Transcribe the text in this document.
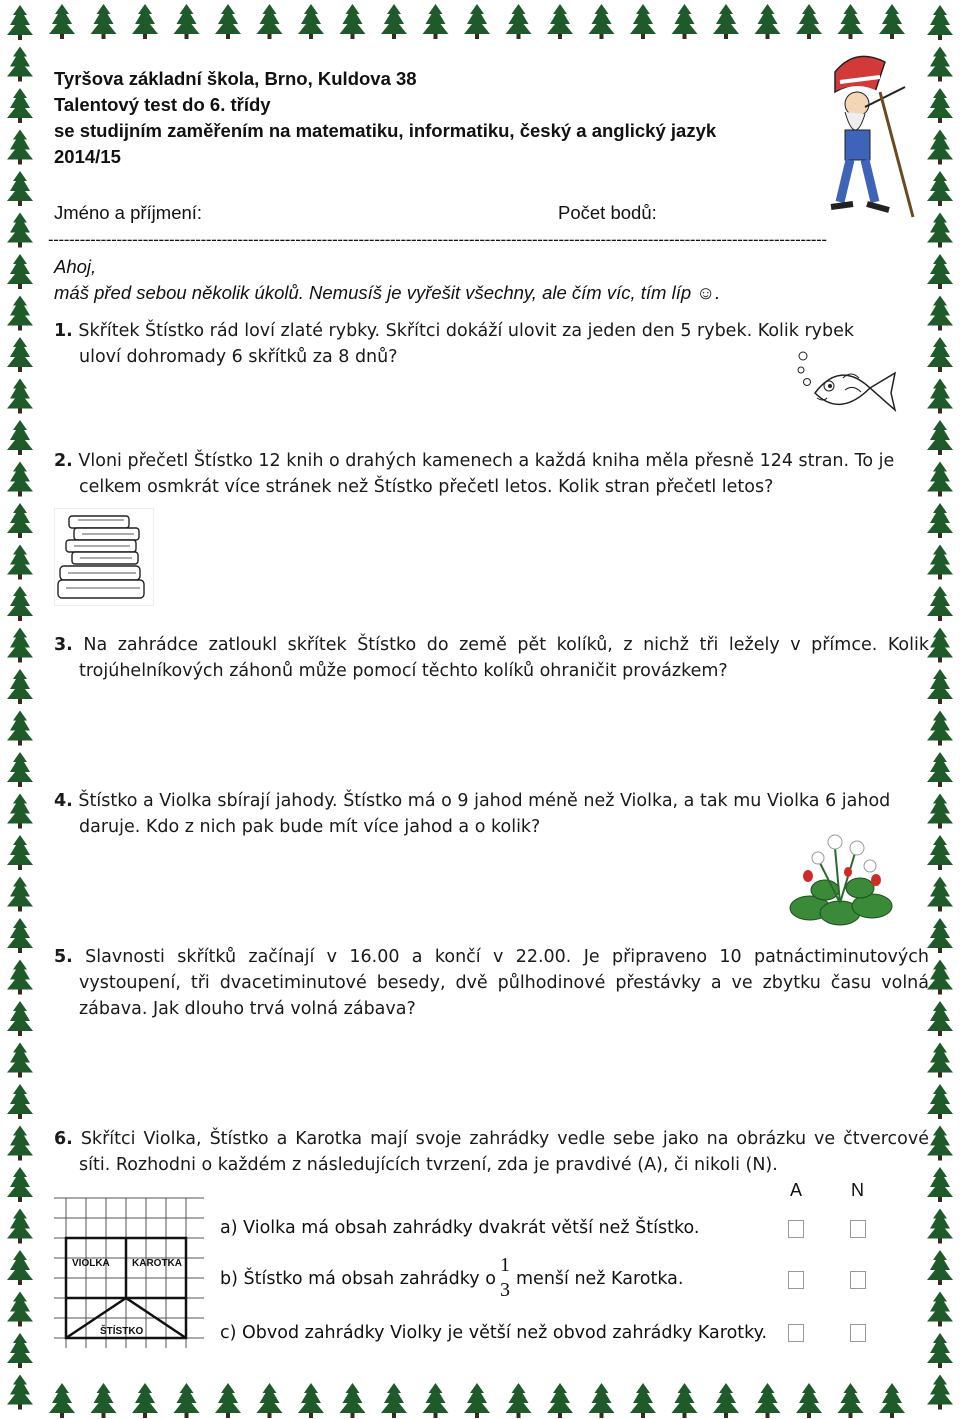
Tyršova základní škola, Brno, Kuldova 38
Talentový test do 6. třídy
se studijním zaměřením na matematiku, informatiku, český a anglický jazyk
2014/15
Jméno a příjmení:	Počet bodů:
----------------------------------------------------------------------------------------------------------------------------------------------------
Ahoj,
máš před sebou několik úkolů. Nemusíš je vyřešit všechny, ale čím víc, tím líp ☺.
1. Skřítek Štístko rád loví zlaté rybky. Skřítci dokáží ulovit za jeden den 5 rybek. Kolik rybek uloví dohromady 6 skřítků za 8 dnů?
2. Vloni přečetl Štístko 12 knih o drahých kamenech a každá kniha měla přesně 124 stran. To je celkem osmkrát více stránek než Štístko přečetl letos. Kolik stran přečetl letos?
3. Na zahrádce zatloukl skřítek Štístko do země pět kolíků, z nichž tři ležely v přímce. Kolik trojúhelníkových záhonů může pomocí těchto kolíků ohraničit provázkem?
4. Štístko a Violka sbírají jahody. Štístko má o 9 jahod méně než Violka, a tak mu Violka 6 jahod daruje. Kdo z nich pak bude mít více jahod a o kolik?
5. Slavnosti skřítků začínají v 16.00 a končí v 22.00. Je připraveno 10 patnáctiminutových vystoupení, tři dvacetiminutové besedy, dvě půlhodinové přestávky a ve zbytku času volná zábava. Jak dlouho trvá volná zábava?
6. Skřítci Violka, Štístko a Karotka mají svoje zahrádky vedle sebe jako na obrázku ve čtvercové síti. Rozhodni o každém z následujících tvrzení, zda je pravdivé (A), či nikoli (N).
VIOLKA KAROTKA
ŠTÍSTKO
A	N
a) Violka má obsah zahrádky dvakrát větší než Štístko.
b) Štístko má obsah zahrádky o
1
3 menší než Karotka.
c) Obvod zahrádky Violky je větší než obvod zahrádky Karotky.
